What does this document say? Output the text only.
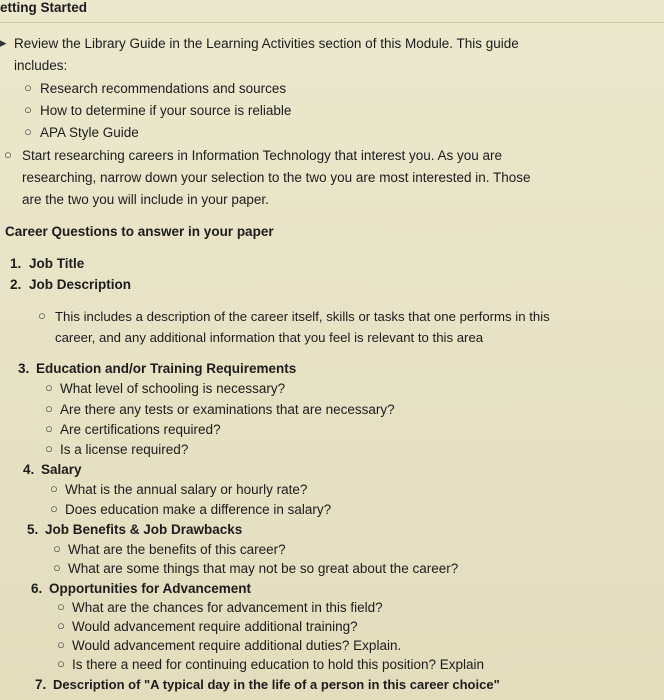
etting Started
▸ Review the Library Guide in the Learning Activities section of this Module. This guide
includes:
○ Research recommendations and sources
○ How to determine if your source is reliable
○ APA Style Guide
○ Start researching careers in Information Technology that interest you. As you are
researching, narrow down your selection to the two you are most interested in. Those
are the two you will include in your paper.
Career Questions to answer in your paper
1. Job Title
2. Job Description
○ This includes a description of the career itself, skills or tasks that one performs in this
career, and any additional information that you feel is relevant to this area
3. Education and/or Training Requirements
○ What level of schooling is necessary?
○ Are there any tests or examinations that are necessary?
○ Are certifications required?
○ Is a license required?
4. Salary
○ What is the annual salary or hourly rate?
○ Does education make a difference in salary?
5. Job Benefits & Job Drawbacks
○ What are the benefits of this career?
○ What are some things that may not be so great about the career?
6. Opportunities for Advancement
○ What are the chances for advancement in this field?
○ Would advancement require additional training?
○ Would advancement require additional duties? Explain.
○ Is there a need for continuing education to hold this position? Explain
7. Description of "A typical day in the life of a person in this career choice"
